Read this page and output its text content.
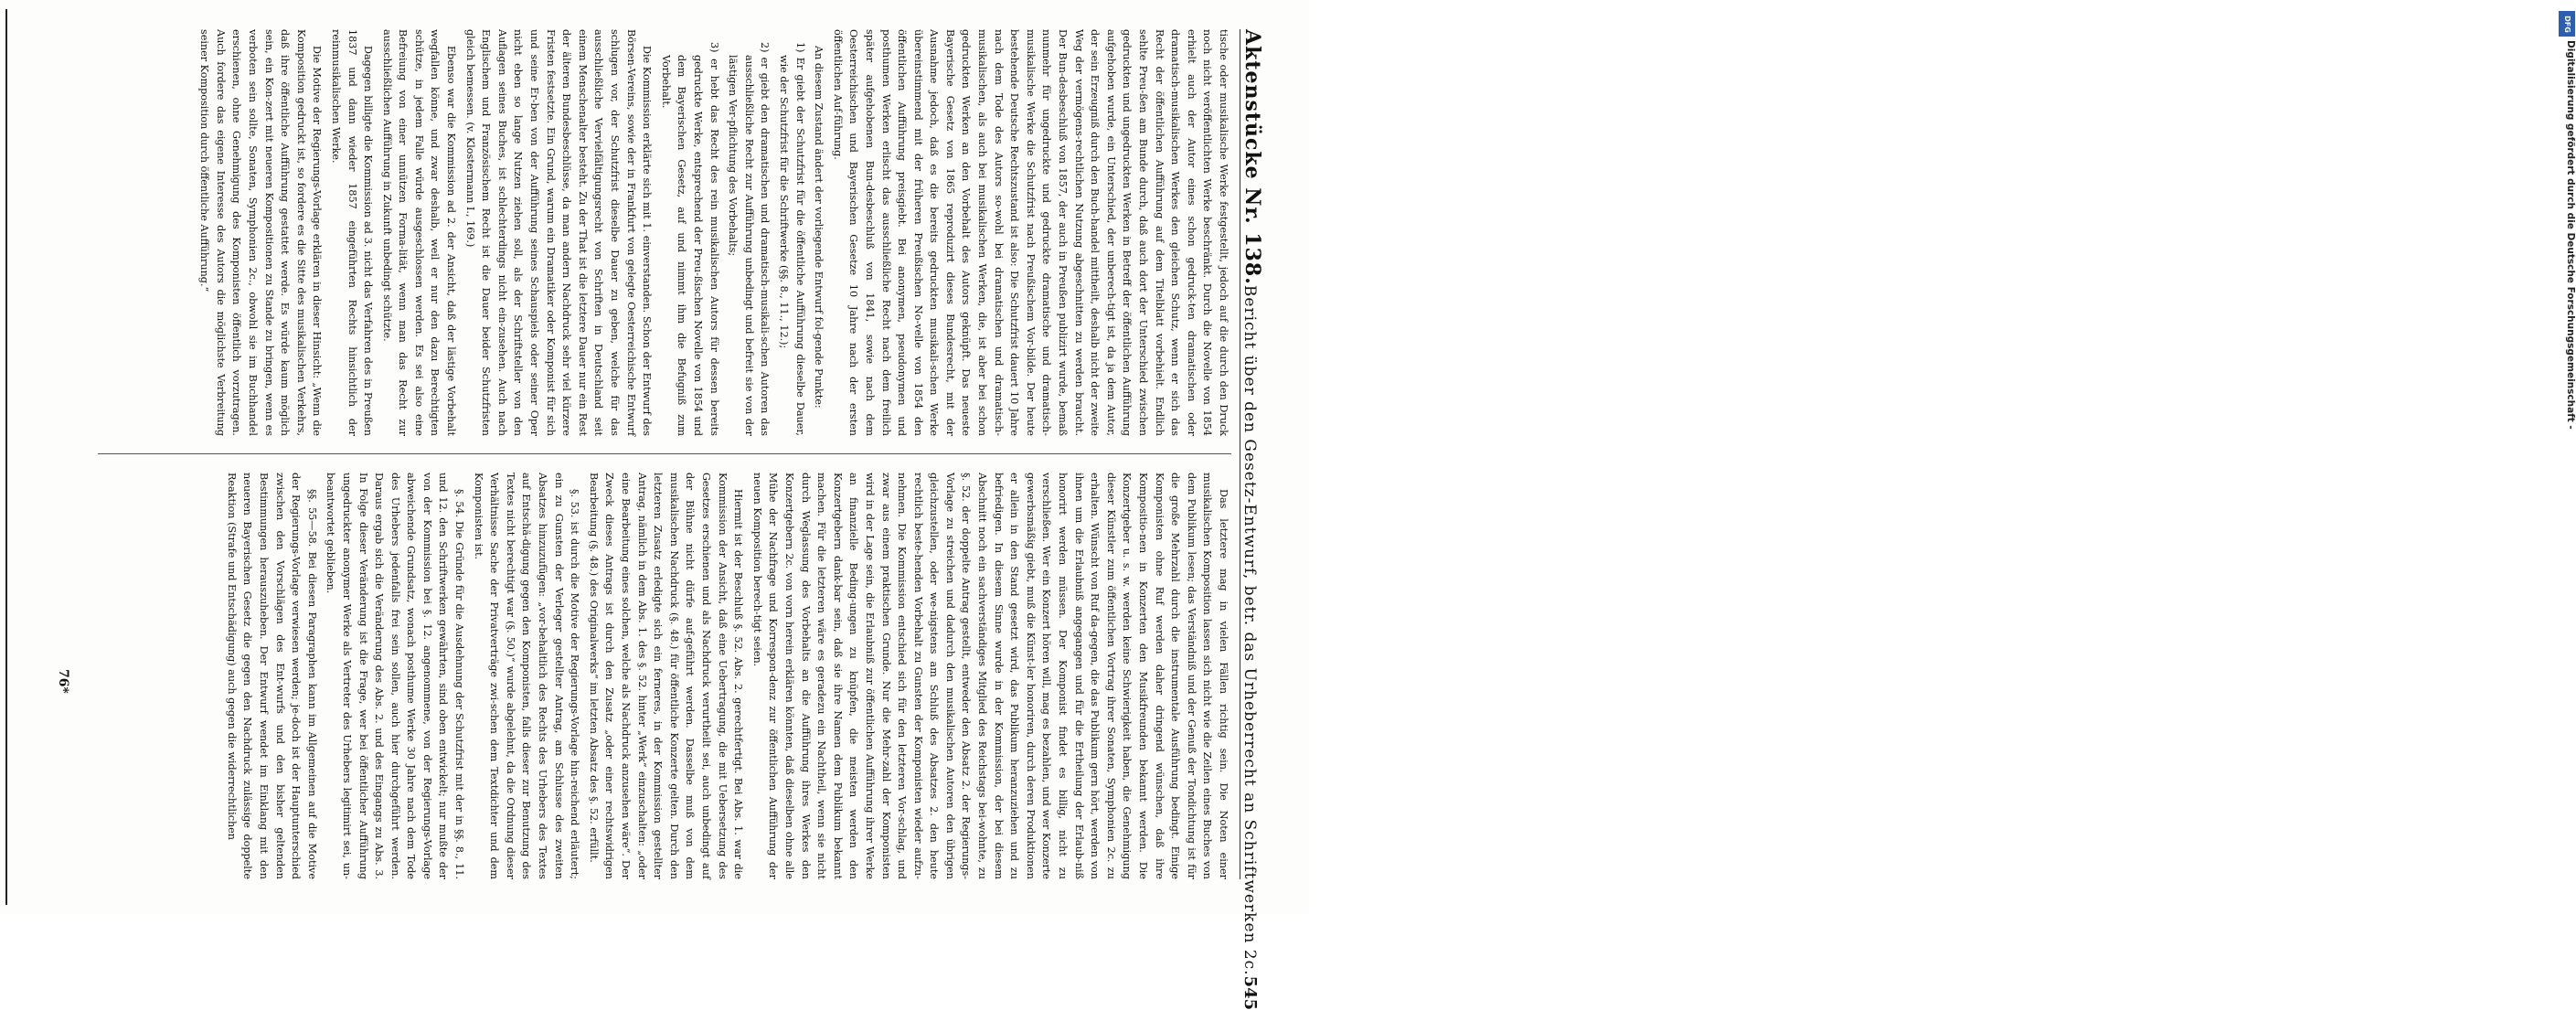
Aktenstücke Nr. 138.
Bericht über den Gesetz-Entwurf, betr. das Urheberrecht an Schriftwerken 2c.
545

tische oder musikalische Werke festgestellt, jedoch auf die durch den Druck noch nicht veröffentlichten Werke beschränkt. Durch die Novelle von 1854 erhielt auch der Autor eines schon gedruck-ten dramatischen oder dramatisch-musikalischen Werkes den gleichen Schutz, wenn er sich das Recht der öffentlichen Aufführung auf dem Titelblatt vorbehielt. Endlich sehlte Preu-ßen am Bunde durch, daß auch dort der Unterschied zwischen gedruckten und ungedruckten Werken in Betreff der öffentlichen Aufführung aufgehoben wurde, ein Unterschied, der unberech-tigt ist, da ja dem Autor, der sein Erzeugniß durch den Buch-handel mittheilt, deshalb nicht der zweite Weg der vermögens-rechtlichen Nutzung abgeschnitten zu werden braucht. Der Bun-desbeschluß von 1857, der auch in Preußen publizirt wurde, bemaß nunmehr für ungedruckte und gedruckte dramatische und dramatisch-musikalische Werke die Schutzfrist nach Preußischem Vor-bilde. Der heute bestehende Deutsche Rechtszustand ist also: Die Schutzfrist dauert 10 Jahre nach dem Tode des Autors so-wohl bei dramatischen und dramatisch-musikalischen, als auch bei musikalischen Werken, die, ist aber bei schon gedruckten Werken an den Vorbehalt des Autors geknüpft. Das neueste Bayerische Gesetz von 1865 reproduzirt dieses Bundesrecht, mit der Ausnahme jedoch, daß es die bereits gedruckten musikali-schen Werke übereinstimmend mit der früheren Preußischen No-velle von 1854 den öffentlichen Aufführung preisgiebt. Bei anonymen, pseudonymen und posthumen Werken erlischt das ausschließliche Recht nach dem freilich später aufgehobenen Bun-desbeschluß von 1841, sowie nach dem Oesterreichischen und Bayerischen Gesetze 10 Jahre nach der ersten öffentlichen Auf-führung.

An diesem Zustand ändert der vorliegende Entwurf fol-gende Punkte:

1) Er giebt der Schutzfrist für die öffentliche Aufführung dieselbe Dauer, wie der Schutzfrist für die Schriftwerke (§§. 8., 11., 12.);

2) er giebt den dramatischen und dramatisch-musikali-schen Autoren das ausschließliche Recht zur Aufführung unbedingt und befreit sie von der lästigen Ver-pflichtung des Vorbehalts;

3) er hebt das Recht des rein musikalischen Autors für dessen bereits gedruckte Werke, entsprechend der Preu-ßischen Novelle von 1854 und dem Bayerischen Gesetz, auf und nimmt ihm die Befugniß zum Vorbehalt.

Die Kommission erklärte sich mit 1. einverstanden. Schon der Entwurf des Börsen-Vereins, sowie der in Frankfurt von gelegte Oesterreichische Entwurf schlugen vor, der Schutzfrist dieselbe Dauer zu geben, welche für das ausschließliche Vervielfältigungsrecht von Schriften in Deutschland seit einem Menschenalter besteht. Zu der That ist die letztere Dauer nur ein Rest der älteren Bundesbeschlüsse, da man andern Nachdruck sehr viel kürzere Fristen festsetzte. Ein Grund, warum ein Dramatiker oder Komponist für sich und seine Er-ben von der Aufführung seines Schauspiels oder seiner Oper nicht eben so lange Nutzen ziehen soll, als der Schriftsteller von den Auflagen seines Buches, ist schlechterdings nicht ein-zusehen. Auch nach Englischem und Französischem Recht ist die Dauer beider Schutzfristen gleich bemessen. (v. Klostermann I., 169.)

Ebenso war die Kommission ad 2. der Ansicht, daß der lästige Vorbehalt wegfallen könne, und zwar deshalb, weil er nur den dazu Berechtigten schütze, in jedem Falle würde ausgeschlossen werden. Es sei also eine Befreiung von einer unnützen Forma-lität, wenn man das Recht zur ausschließlichen Aufführung in Zukunft unbedingt schützte.

Dagegen billigte die Kommission ad 3. nicht das Verfahren des in Preußen 1837 und dann wieder 1857 eingeführten Rechts hinsichtlich der reinmusikalischen Werke.

Die Motive der Regierungs-Vorlage erklären in dieser Hinsicht: „Wenn die Komposition gedruckt ist, so fordere es die Sitte des musikalischen Verkehrs, daß ihre öffentliche Aufführung gestattet werde. Es würde kaum möglich sein, ein Kon-zert mit neueren Kompositionen zu Stande zu bringen, wenn es verboten sein sollte, Sonaten, Symphonien 2c., obwohl sie im Buchhandel erschienen, ohne Genehmigung des Komponisten öffentlich vorzutragen. Auch fordere das eigene Interesse des Autors die möglichste Verbreitung seiner Komposition durch öffentliche Aufführung.“

Das letztere mag in vielen Fällen richtig sein. Die Noten einer musikalischen Komposition lassen sich nicht wie die Zeilen eines Buches von dem Publikum lesen; das Verständniß und der Genuß der Tondichtung ist für die große Mehrzahl durch die instrumentale Ausführung bedingt. Einige Komponisten ohne Ruf werden daher dringend wünschen, daß ihre Kompositio-nen in Konzerten den Musikfreunden bekannt werden. Die Konzertgeber u. s. w. werden keine Schwierigkeit haben, die Genehmigung dieser Künstler zum öffentlichen Vortrag ihrer Sonaten, Symphonien 2c. zu erhalten. Wünscht von Ruf da-gegen, die das Publikum gern hört, werden von ihnen um die Erlaubniß angegangen und für die Ertheilung der Erlaub-niß honorirt werden müssen. Der Komponist findet es billig, nicht zu verschließen. Wer ein Konzert hören will, mag es bezahlen, und wer Konzerte gewerbsmäßig giebt, muß die Künst-ler honoriren, durch deren Produktionen er allein in den Stand gesetzt wird, das Publikum heranzuziehen und zu befriedigen. In diesem Sinne wurde in der Kommission, der bei diesem Abschnitt noch ein sachverständiges Mitglied des Reichstags bei-wohnte, zu §. 52. der doppelte Antrag gestellt, entweder den Absatz 2. der Regierungs-Vorlage zu streichen und dadurch den musikalischen Autoren den übrigen gleichzustellen, oder we-nigstens am Schluß des Absatzes 2. den heute rechtlich beste-henden Vorbehalt zu Gunsten der Komponisten wieder aufzu-nehmen. Die Kommission entschied sich für den letzteren Vor-schlag, und zwar aus einem praktischen Grunde. Nur die Mehr-zahl der Komponisten wird in der Lage sein, die Erlaubniß zur öffentlichen Aufführung ihrer Werke an finanzielle Beding-ungen zu knüpfen, die meisten werden den Konzertgebern dank-bar sein, daß sie ihre Namen dem Publikum bekannt machen. Für die letzteren wäre es geradezu ein Nachtheil, wenn sie nicht durch Weglassung des Vorbehalts an die Aufführung ihres Werkes den Konzertgebern 2c. von vorn herein erklären könnten, daß dieselben ohne alle Mühe der Nachfrage und Korrespon-denz zur öffentlichen Aufführung der neuen Komposition berech-tigt seien.

Hiermit ist der Beschluß §. 52. Abs. 2. gerechtfertigt. Bei Abs. 1. war die Kommission der Ansicht, daß eine Uebertragung, die mit Uebersetzung des Gesetzes erschienen und als Nachdruck verurtheilt sei, auch unbedingt auf der Bühne nicht dürfe auf-geführt werden. Dasselbe muß von dem musikalischen Nachdruck (§. 48.) für öffentliche Konzerte gelten. Durch den letzteren Zusatz erledigte sich ein ferneres, in der Kommission gestellter Antrag, nämlich in dem Abs. 1. des §. 52. hinter „Werk“ einzuschalten: „oder eine Bearbeitung eines solchen, welche als Nachdruck anzusehen wäre“. Der Zweck dieses Antrags ist durch den Zusatz „oder einer rechtswidrigen Bearbeitung (§. 48.) des Originalwerks“ im letzten Absatz des §. 52. erfüllt.

§. 53. ist durch die Motive der Regierungs-Vorlage hin-reichend erläutert; ein zu Gunsten der Verleger gestellter Antrag, am Schlusse des zweiten Absatzes hinzuzufügen: „vor-behaltlich des Rechts des Urhebers des Textes auf Entschä-digung gegen den Komponisten, falls dieser zur Benutzung des Textes nicht berechtigt war (§. 50.)“ wurde abgelehnt, da die Ordnung dieser Verhältnisse Sache der Privatverträge zwi-schen dem Textdichter und dem Komponisten ist.

§. 54. Die Gründe für die Ausdehnung der Schutzfrist mit der in §§. 8., 11. und 12. den Schriftwerken gewährten, sind oben entwickelt; nur mußte der von der Kommission bei §. 12. angenommene, von der Regierungs-Vorlage abweichende Grundsatz, wonach posthume Werke 30 Jahre nach dem Tode des Urhebers jedenfalls frei sein sollen, auch hier durchgeführt werden. Daraus ergab sich die Veränderung des Abs. 2. und des Eingangs zu Abs. 3. In Folge dieser Veränderung ist die Frage, wer bei öffentlicher Aufführung ungedruckter anonymer Werke als Vertreter des Urhebers legitimirt sei, un-beantwortet geblieben.

§§. 55—58. Bei diesen Paragraphen kann im Allgemeinen auf die Motive der Regierungs-Vorlage verwiesen werden; je-doch ist der Hauptunterschied zwischen den Vorschlägen des Ent-wurfs und den bisher geltenden Bestimmungen herauszuheben. Der Entwurf wendet im Einklang mit den neueren Bayerischen Gesetz die gegen den Nachdruck zulässige doppelte Reaktion (Strafe und Entschädigung) auch gegen die widerrechtlichen

76*
DFG
Digitalisierung gefördert durch die Deutsche Forschungsgemeinschaft -
